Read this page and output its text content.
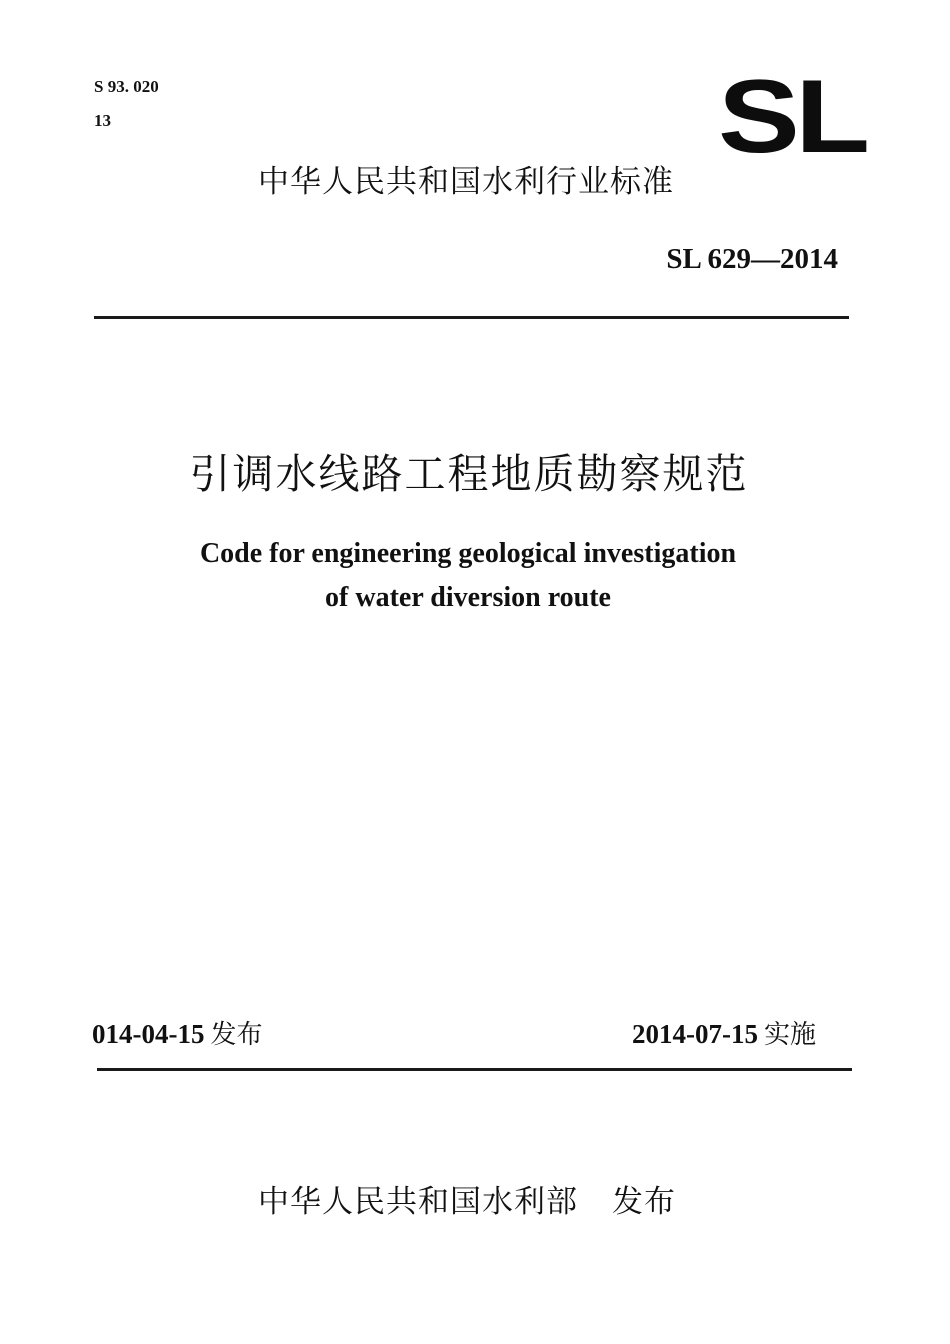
S 93. 020
13	SL
中华人民共和国水利行业标准
SL 629—2014
引调水线路工程地质勘察规范
Code for engineering geological investigation
of water diversion route
014-04-15 发布	2014-07-15 实施
中华人民共和国水利部 发布
